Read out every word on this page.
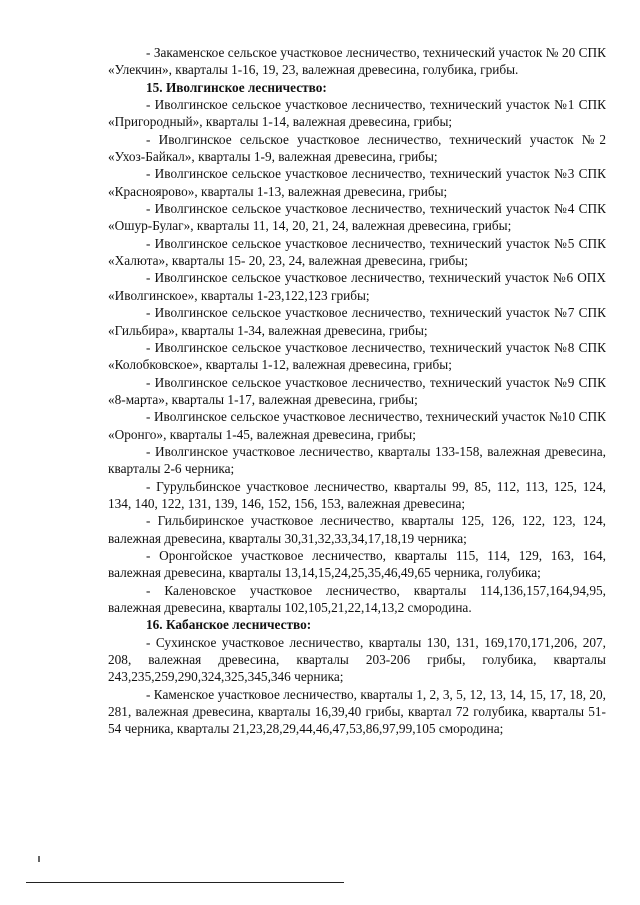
- Закаменское сельское участковое лесничество, технический участок № 20 СПК «Улекчин», кварталы 1-16, 19, 23, валежная древесина, голубика, грибы.

15. Иволгинское лесничество:

- Иволгинское сельское участковое лесничество, технический участок №1 СПК «Пригородный», кварталы 1-14, валежная древесина, грибы;

- Иволгинское сельское участковое лесничество, технический участок №2 «Ухоз-Байкал», кварталы 1-9, валежная древесина, грибы;

- Иволгинское сельское участковое лесничество, технический участок №3 СПК «Красноярово», кварталы 1-13, валежная древесина, грибы;

- Иволгинское сельское участковое лесничество, технический участок №4 СПК «Ошур-Булаг», кварталы 11, 14, 20, 21, 24, валежная древесина, грибы;

- Иволгинское сельское участковое лесничество, технический участок №5 СПК «Халюта», кварталы 15- 20, 23, 24, валежная древесина, грибы;

- Иволгинское сельское участковое лесничество, технический участок №6 ОПХ «Иволгинское», кварталы 1-23,122,123 грибы;

- Иволгинское сельское участковое лесничество, технический участок №7 СПК «Гильбира», кварталы 1-34, валежная древесина, грибы;

- Иволгинское сельское участковое лесничество, технический участок №8 СПК «Колобковское», кварталы 1-12, валежная древесина, грибы;

- Иволгинское сельское участковое лесничество, технический участок №9 СПК «8-марта», кварталы 1-17, валежная древесина, грибы;

- Иволгинское сельское участковое лесничество, технический участок №10 СПК «Оронго», кварталы 1-45, валежная древесина, грибы;

- Иволгинское участковое лесничество, кварталы 133-158, валежная древесина, кварталы 2-6 черника;

- Гурульбинское участковое лесничество, кварталы 99, 85, 112, 113, 125, 124, 134, 140, 122, 131, 139, 146, 152, 156, 153, валежная древесина;

- Гильбиринское участковое лесничество, кварталы 125, 126, 122, 123, 124, валежная древесина, кварталы 30,31,32,33,34,17,18,19 черника;

- Оронгойское участковое лесничество, кварталы 115, 114, 129, 163, 164, валежная древесина, кварталы 13,14,15,24,25,35,46,49,65 черника, голубика;

- Каленовское участковое лесничество, кварталы 114,136,157,164,94,95, валежная древесина, кварталы 102,105,21,22,14,13,2 смородина.

16. Кабанское лесничество:

- Сухинское участковое лесничество, кварталы 130, 131, 169,170,171,206, 207, 208, валежная древесина, кварталы 203-206 грибы, голубика, кварталы 243,235,259,290,324,325,345,346 черника;

- Каменское участковое лесничество, кварталы 1, 2, 3, 5, 12, 13, 14, 15, 17, 18, 20, 281, валежная древесина, кварталы 16,39,40 грибы, квартал 72 голубика, кварталы 51-54 черника, кварталы 21,23,28,29,44,46,47,53,86,97,99,105 смородина;
